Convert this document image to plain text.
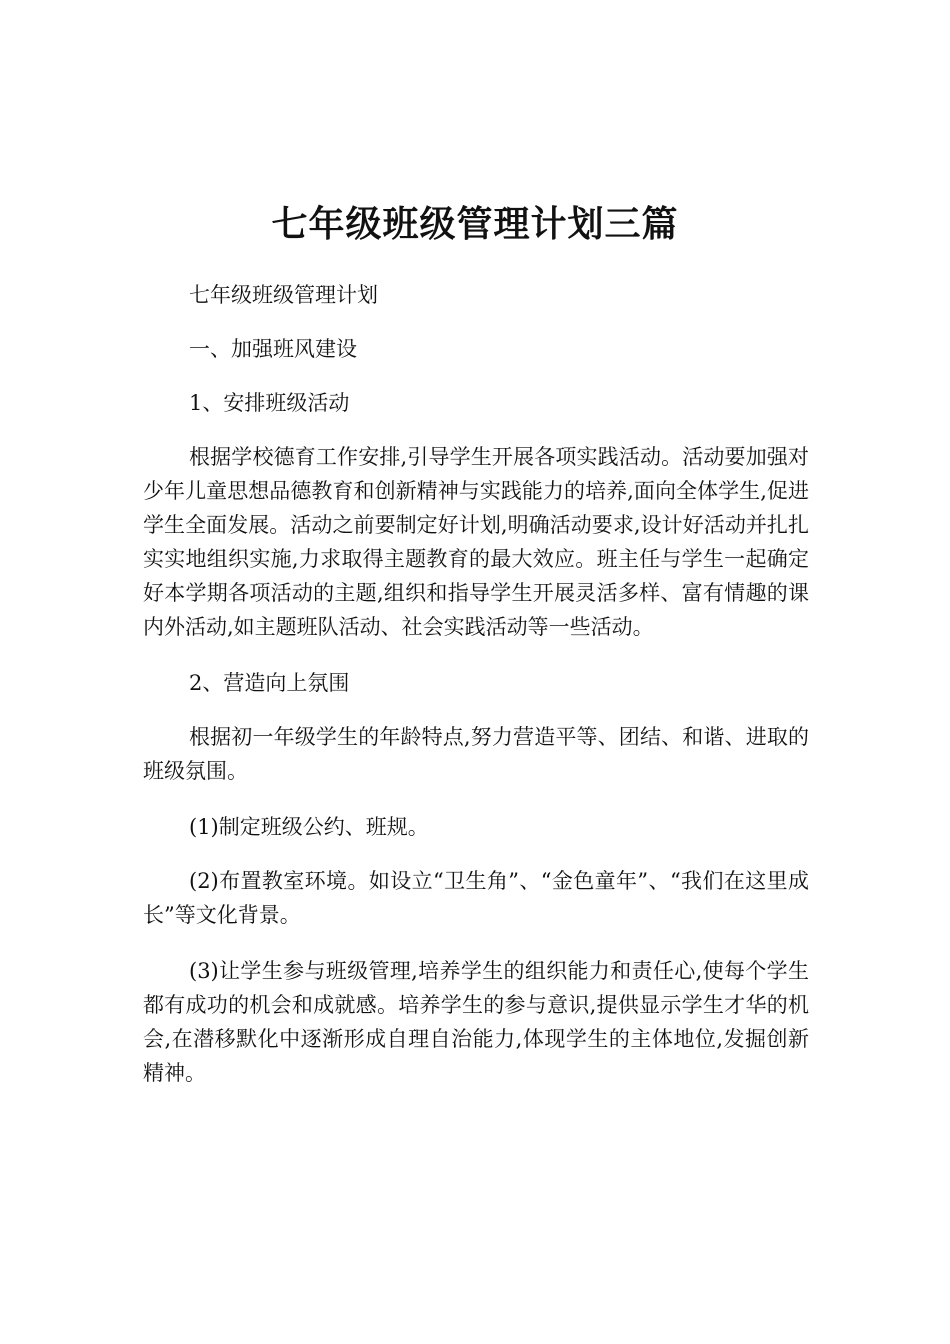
七年级班级管理计划三篇

七年级班级管理计划

一、加强班风建设

1、安排班级活动

根据学校德育工作安排,引导学生开展各项实践活动。活动要加强对少年儿童思想品德教育和创新精神与实践能力的培养,面向全体学生,促进学生全面发展。活动之前要制定好计划,明确活动要求,设计好活动并扎扎实实地组织实施,力求取得主题教育的最大效应。班主任与学生一起确定好本学期各项活动的主题,组织和指导学生开展灵活多样、富有情趣的课内外活动,如主题班队活动、社会实践活动等一些活动。

2、营造向上氛围

根据初一年级学生的年龄特点,努力营造平等、团结、和谐、进取的班级氛围。

(1)制定班级公约、班规。

(2)布置教室环境。如设立“卫生角”、“金色童年”、“我们在这里成长”等文化背景。

(3)让学生参与班级管理,培养学生的组织能力和责任心,使每个学生都有成功的机会和成就感。培养学生的参与意识,提供显示学生才华的机会,在潜移默化中逐渐形成自理自治能力,体现学生的主体地位,发掘创新精神。
